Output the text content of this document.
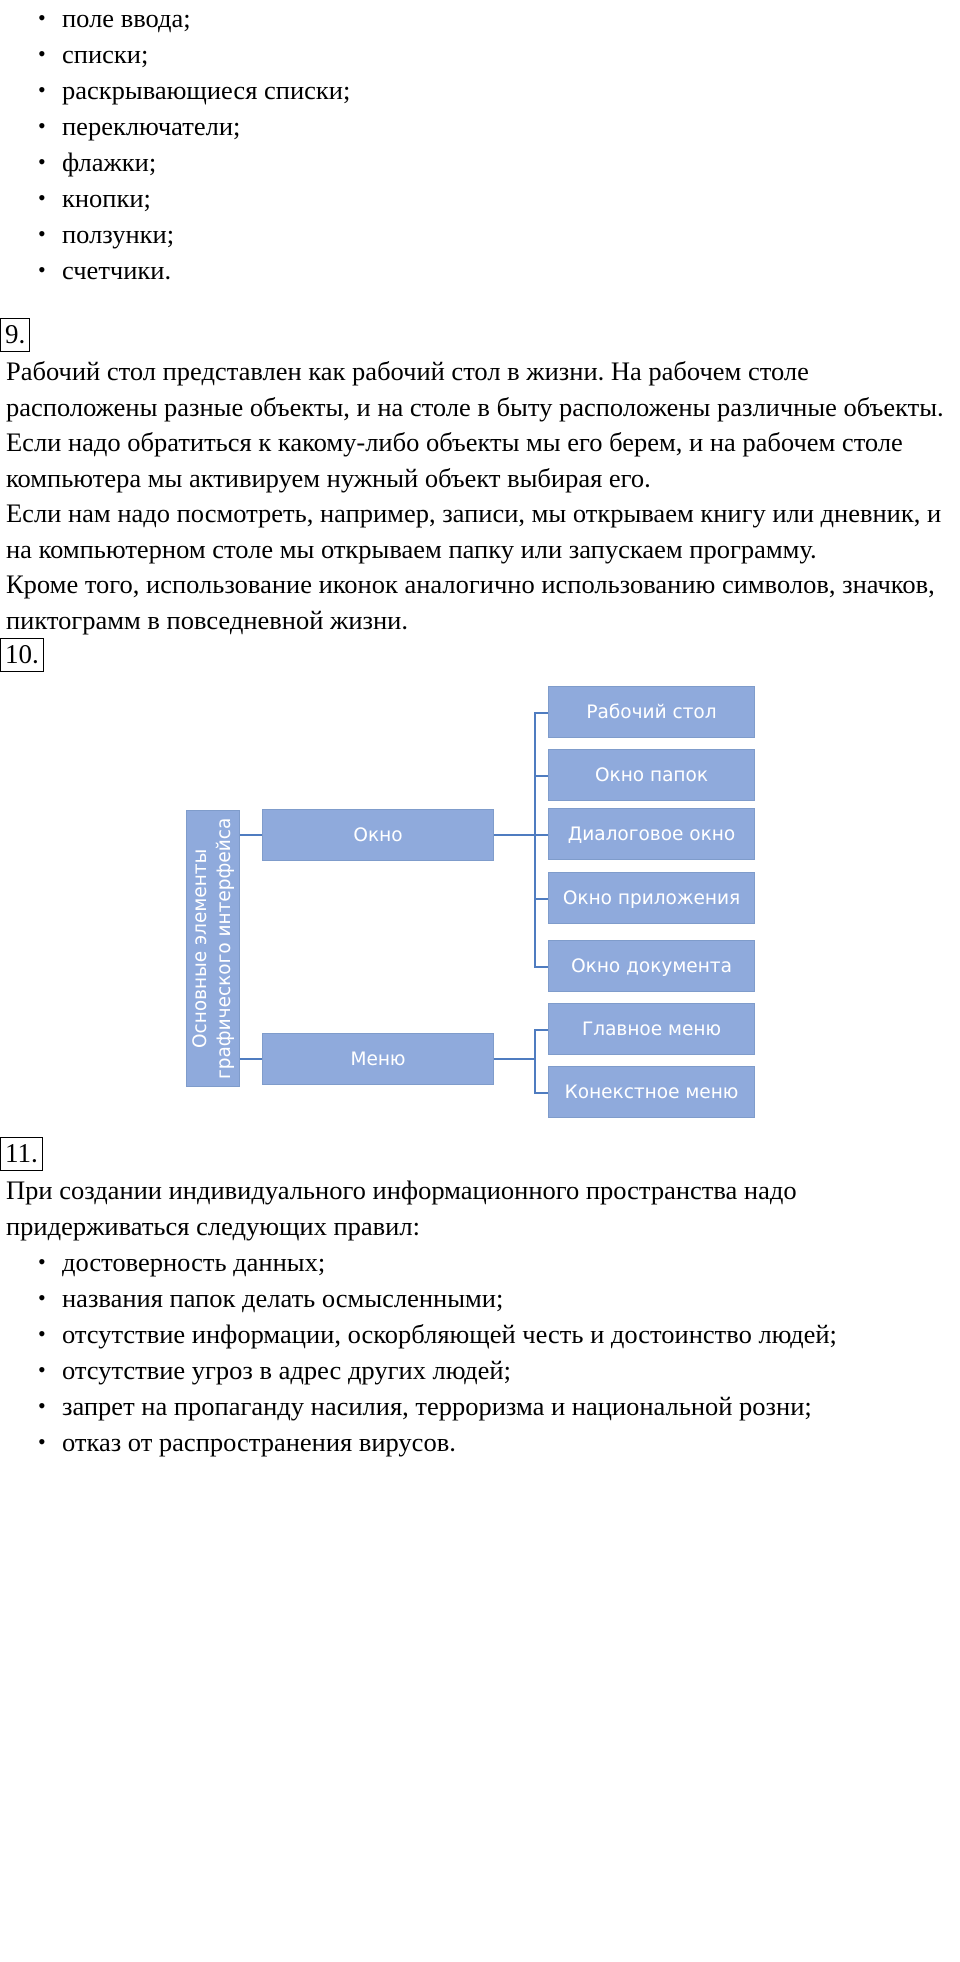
• поле ввода;
• списки;
• раскрывающиеся списки;
• переключатели;
• флажки;
• кнопки;
• ползунки;
• счетчики.
9.

Рабочий стол представлен как рабочий стол в жизни. На рабочем столе расположены разные объекты, и на столе в быту расположены различные объекты.

Если надо обратиться к какому-либо объекты мы его берем, и на рабочем столе компьютера мы активируем нужный объект выбирая его.

Если нам надо посмотреть, например, записи, мы открываем книгу или дневник, и на компьютерном столе мы открываем папку или запускаем программу.

Кроме того, использование иконок аналогично использованию символов, значков, пиктограмм в повседневной жизни.

10.
Основные элементы графического интерфейса	Окно
Меню
Рабочий стол
Окно папок
Диалоговое окно
Окно приложения
Окно документа
Главное меню
Конекстное меню
11.

При создании индивидуального информационного пространства надо придерживаться следующих правил:

• достоверность данных;
• названия папок делать осмысленными;
• отсутствие информации, оскорбляющей честь и достоинство людей;
• отсутствие угроз в адрес других людей;
• запрет на пропаганду насилия, терроризма и национальной розни;
• отказ от распространения вирусов.
